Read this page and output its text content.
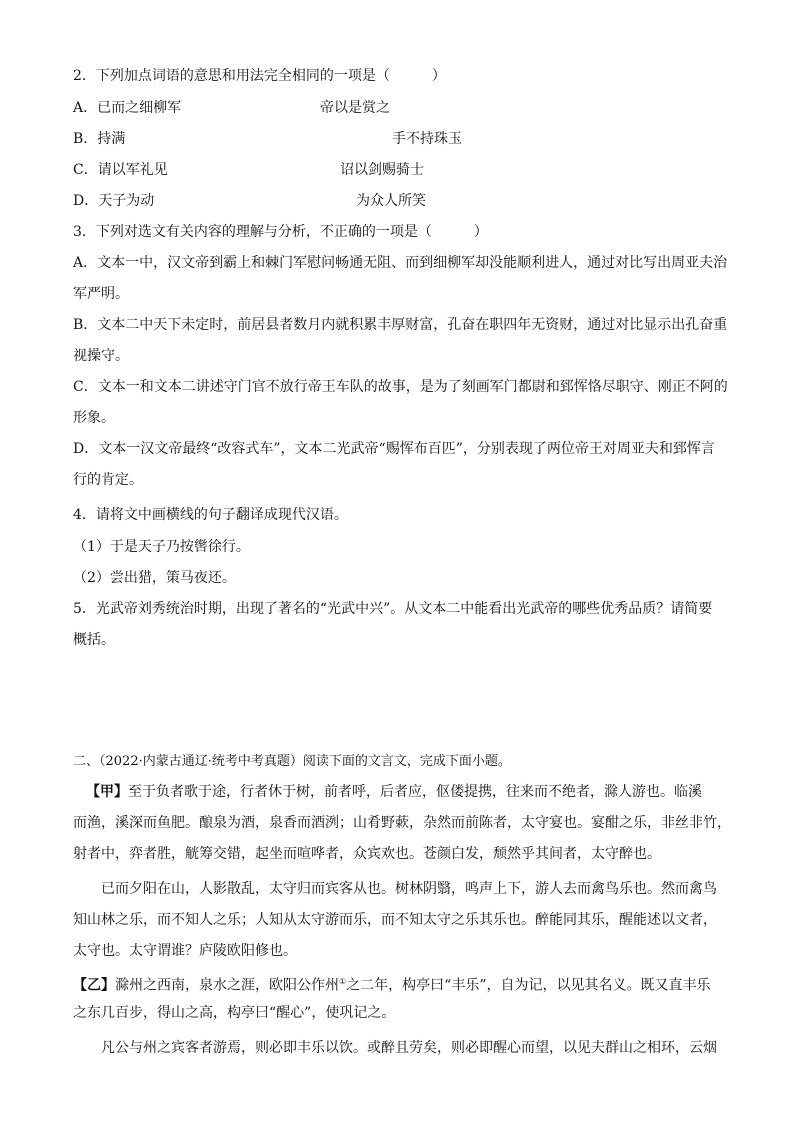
2．下列加点词语的意思和用法完全相同的一项是（　　　）

A．已而之细柳军	帝以是赏之

B．持满	手不持珠玉

C．请以军礼见	诏以剑赐骑士

D．天子为动	为众人所笑

3．下列对选文有关内容的理解与分析，不正确的一项是（　　　）

A．文本一中，汉文帝到霸上和棘门军慰问畅通无阻、而到细柳军却没能顺利进人，通过对比写出周亚夫治

军严明。

B．文本二中天下未定时，前居县者数月内就积累丰厚财富，孔奋在职四年无资财，通过对比显示出孔奋重

视操守。

C．文本一和文本二讲述守门官不放行帝王车队的故事，是为了刻画军门都尉和郅恽恪尽职守、刚正不阿的

形象。

D．文本一汉文帝最终“改容式车”，文本二光武帝“赐恽布百匹”，分别表现了两位帝王对周亚夫和郅恽言

行的肯定。

4．请将文中画横线的句子翻译成现代汉语。

（1）于是天子乃按辔徐行。

（2）尝出猎，策马夜还。

5．光武帝刘秀统治时期，出现了著名的“光武中兴”。从文本二中能看出光武帝的哪些优秀品质？请简要

概括。

二、（2022·内蒙古通辽·统考中考真题）阅读下面的文言文，完成下面小题。

【甲】至于负者歌于途，行者休于树，前者呼，后者应，伛偻提携，往来而不绝者，滁人游也。临溪

而渔，溪深而鱼肥。酿泉为酒，泉香而酒洌；山肴野蔌，杂然而前陈者，太守宴也。宴酣之乐，非丝非竹，

射者中，弈者胜，觥筹交错，起坐而喧哗者，众宾欢也。苍颜白发，颓然乎其间者，太守醉也。

已而夕阳在山，人影散乱，太守归而宾客从也。树林阴翳，鸣声上下，游人去而禽鸟乐也。然而禽鸟

知山林之乐，而不知人之乐；人知从太守游而乐，而不知太守之乐其乐也。醉能同其乐，醒能述以文者，

太守也。太守谓谁？庐陵欧阳修也。

【乙】滁州之西南，泉水之涯，欧阳公作州①之二年，构亭曰“丰乐”，自为记，以见其名义。既又直丰乐

之东几百步，得山之高，构亭曰“醒心”，使巩记之。

凡公与州之宾客者游焉，则必即丰乐以饮。或醉且劳矣，则必即醒心而望，以见夫群山之相环，云烟
